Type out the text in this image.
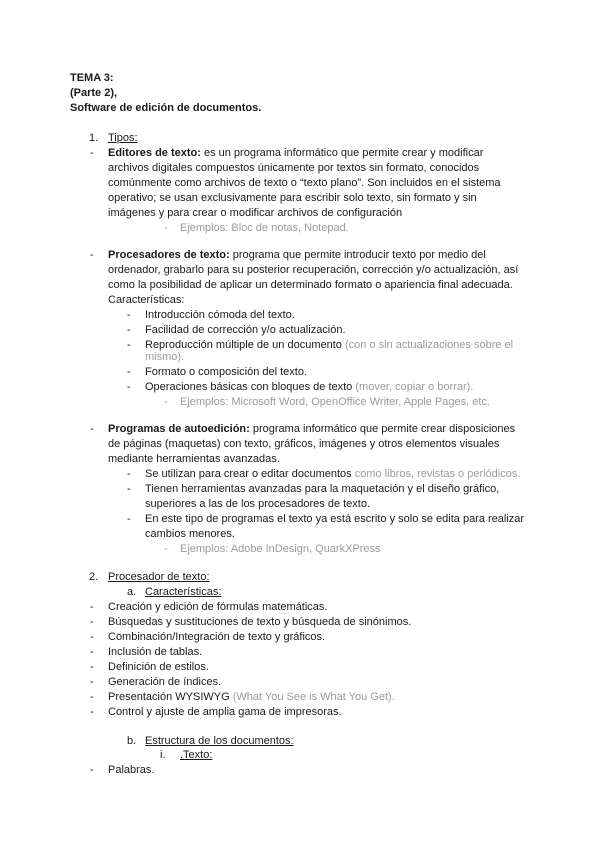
TEMA 3:
(Parte 2),
Software de edición de documentos.
1. Tipos:
- Editores de texto: es un programa informático que permite crear y modificar
archivos digitales compuestos únicamente por textos sin formato, conocidos
comúnmente como archivos de texto o “texto plano”. Son incluidos en el sistema
operativo; se usan exclusivamente para escribir solo texto, sin formato y sin
imágenes y para crear o modificar archivos de configuración
- Ejemplos: Bloc de notas, Notepad.
- Procesadores de texto: programa que permite introducir texto por medio del
ordenador, grabarlo para su posterior recuperación, corrección y/o actualización, así
como la posibilidad de aplicar un determinado formato o apariencia final adecuada.
Características:
- Introducción cómoda del texto.
- Facilidad de corrección y/o actualización.
- Reproducción múltiple de un documento (con o sin actualizaciones sobre el
mismo).
- Formato o composición del texto.
- Operaciones básicas con bloques de texto (mover, copiar o borrar).
- Ejemplos: Microsoft Word, OpenOffice Writer, Apple Pages, etc.
- Programas de autoedición: programa informático que permite crear disposiciones
de páginas (maquetas) con texto, gráficos, imágenes y otros elementos visuales
mediante herramientas avanzadas.
- Se utilizan para crear o editar documentos como libros, revistas o periódicos.
- Tienen herramientas avanzadas para la maquetación y el diseño gráfico,
superiores a las de los procesadores de texto.
- En este tipo de programas el texto ya está escrito y solo se edita para realizar
cambios menores.
- Ejemplos: Adobe InDesign, QuarkXPress
2. Procesador de texto:
a. Características:
- Creación y edición de fórmulas matemáticas.
- Búsquedas y sustituciones de texto y búsqueda de sinónimos.
- Combinación/Integración de texto y gráficos.
- Inclusión de tablas.
- Definición de estilos.
- Generación de índices.
- Presentación WYSIWYG (What You See is What You Get).
- Control y ajuste de amplia gama de impresoras.
b. Estructura de los documentos:
i. .Texto:
- Palabras.
